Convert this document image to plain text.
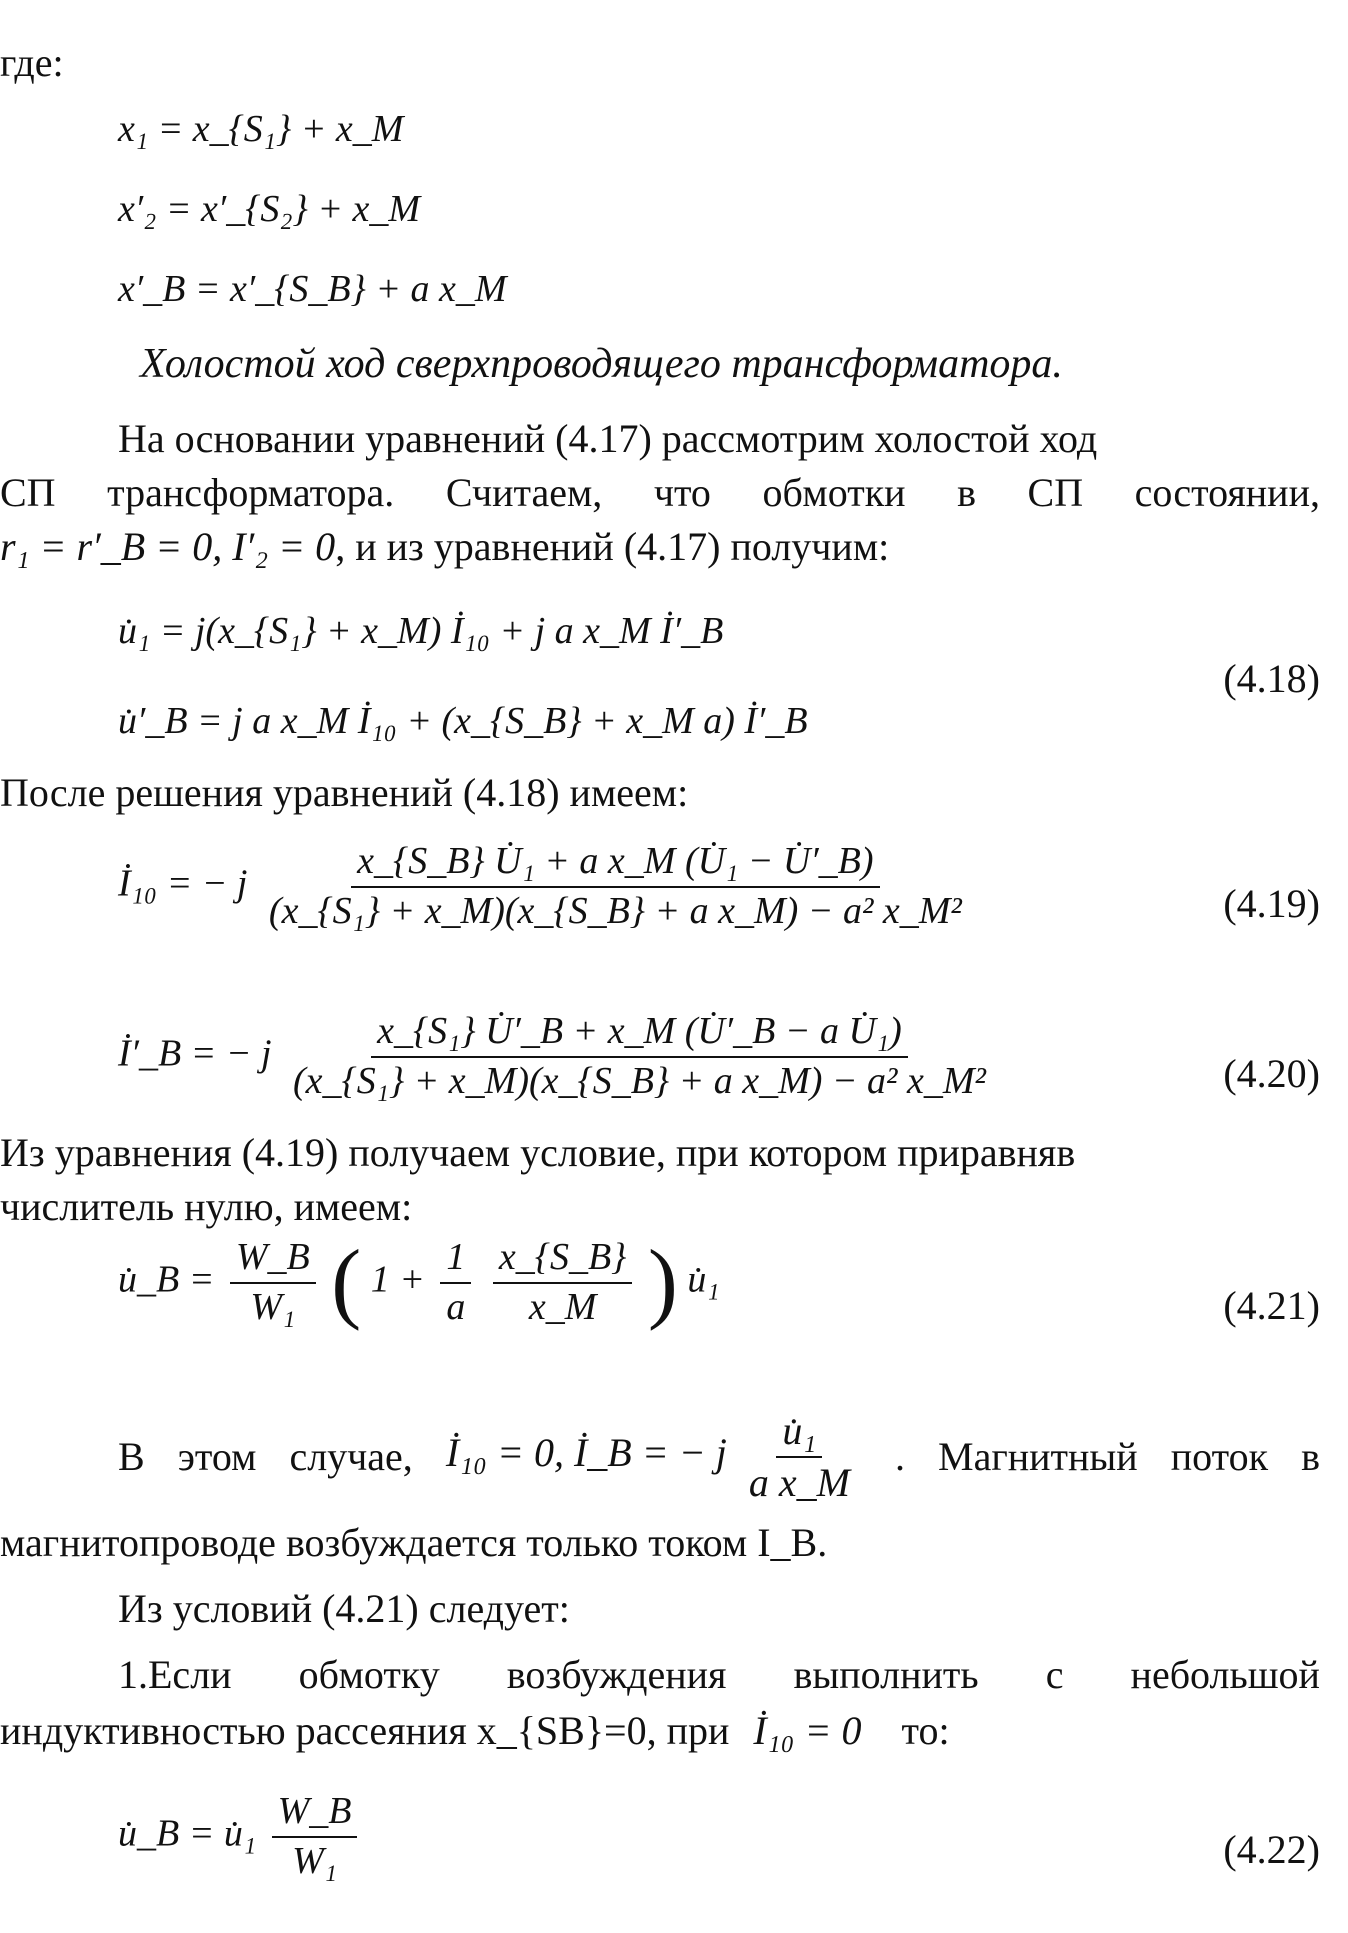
где:
x₁ = x_{S₁} + x_M
x′₂ = x′_{S₂} + x_M
x′_B = x′_{S_B} + a x_M
Холостой ход сверхпроводящего трансформатора.
На основании уравнений (4.17) рассмотрим холостой ход
СП трансформатора. Считаем, что обмотки в СП состоянии,
r₁ = r′_B = 0, I′₂ = 0, и из уравнений (4.17) получим:
u̇₁ = j(x_{S₁} + x_M) İ₁₀ + j a x_M İ′_B
u̇′_B = j a x_M İ₁₀ + (x_{S_B} + x_M a) İ′_B
(4.18)
После решения уравнений (4.18) имеем:
İ₁₀ = − j $\frac{\text{x\_\{S\_B\} U̇₁ + a x\_M (U̇₁ − U̇′\_B)}}{\text{(x\_\{S₁\} + x\_M)(x\_\{S\_B\} + a x\_M) − a² x\_M²}}$	(4.19)
İ′_B = − j $\frac{\text{x\_\{S₁\} U̇′\_B + x\_M (U̇′\_B − a U̇₁)}}{\text{(x\_\{S₁\} + x\_M)(x\_\{S\_B\} + a x\_M) − a² x\_M²}}$	(4.20)
Из уравнения (4.19) получаем условие, при котором приравняв
числитель нулю, имеем:
u̇_B = $\frac{W\_B}{\text{W₁}}$ ( $1 + \frac{1}{a}$
$\frac{x\_\{S\_B\}}{x\_M}$ ) u̇₁
(4.21)
В этом случае, İ₁₀ = 0, İ_B = − j $\frac{\text{u̇₁}}{\text{a x\_M}}$ . Магнитный поток в
магнитопроводе возбуждается только током I_B.
Из условий (4.21) следует:
1.Если обмотку возбуждения выполнить с небольшой
индуктивностью рассеяния x_{SB}=0, при İ₁₀ = 0 то:
u̇_B = u̇₁ $\frac{W\_B}{\text{W₁}}$	(4.22)
